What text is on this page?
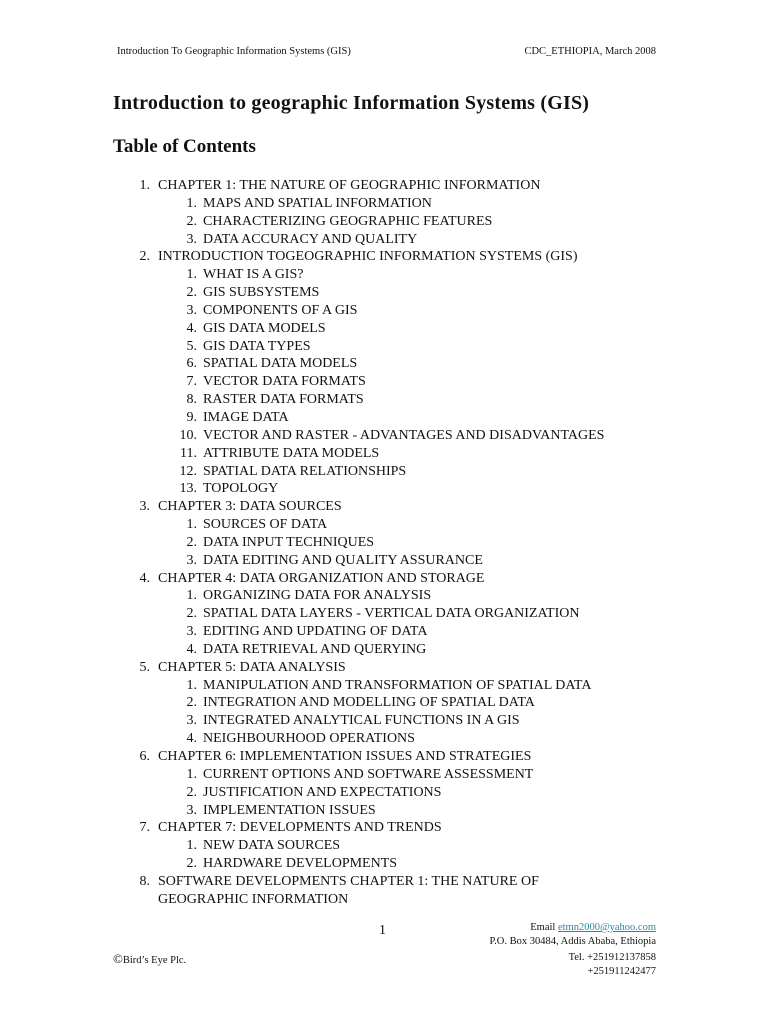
Introduction To Geographic Information Systems (GIS)	CDC_ETHIOPIA, March 2008
Introduction to geographic Information Systems (GIS)
Table of Contents
1. CHAPTER 1: THE NATURE OF GEOGRAPHIC INFORMATION
1. MAPS AND SPATIAL INFORMATION
2. CHARACTERIZING GEOGRAPHIC FEATURES
3. DATA ACCURACY AND QUALITY
2. INTRODUCTION TOGEOGRAPHIC INFORMATION SYSTEMS (GIS)
1. WHAT IS A GIS?
2. GIS SUBSYSTEMS
3. COMPONENTS OF A GIS
4. GIS DATA MODELS
5. GIS DATA TYPES
6. SPATIAL DATA MODELS
7. VECTOR DATA FORMATS
8. RASTER DATA FORMATS
9. IMAGE DATA
10. VECTOR AND RASTER - ADVANTAGES AND DISADVANTAGES
11. ATTRIBUTE DATA MODELS
12. SPATIAL DATA RELATIONSHIPS
13. TOPOLOGY
3. CHAPTER 3: DATA SOURCES
1. SOURCES OF DATA
2. DATA INPUT TECHNIQUES
3. DATA EDITING AND QUALITY ASSURANCE
4. CHAPTER 4: DATA ORGANIZATION AND STORAGE
1. ORGANIZING DATA FOR ANALYSIS
2. SPATIAL DATA LAYERS - VERTICAL DATA ORGANIZATION
3. EDITING AND UPDATING OF DATA
4. DATA RETRIEVAL AND QUERYING
5. CHAPTER 5: DATA ANALYSIS
1. MANIPULATION AND TRANSFORMATION OF SPATIAL DATA
2. INTEGRATION AND MODELLING OF SPATIAL DATA
3. INTEGRATED ANALYTICAL FUNCTIONS IN A GIS
4. NEIGHBOURHOOD OPERATIONS
6. CHAPTER 6: IMPLEMENTATION ISSUES AND STRATEGIES
1. CURRENT OPTIONS AND SOFTWARE ASSESSMENT
2. JUSTIFICATION AND EXPECTATIONS
3. IMPLEMENTATION ISSUES
7. CHAPTER 7: DEVELOPMENTS AND TRENDS
1. NEW DATA SOURCES
2. HARDWARE DEVELOPMENTS
8. SOFTWARE DEVELOPMENTS CHAPTER 1: THE NATURE OF
GEOGRAPHIC INFORMATION
1	Email etmn2000@yahoo.com
P.O. Box 30484, Addis Ababa, Ethiopia
©Bird’s Eye Plc.	Tel. +251912137858
+251911242477
